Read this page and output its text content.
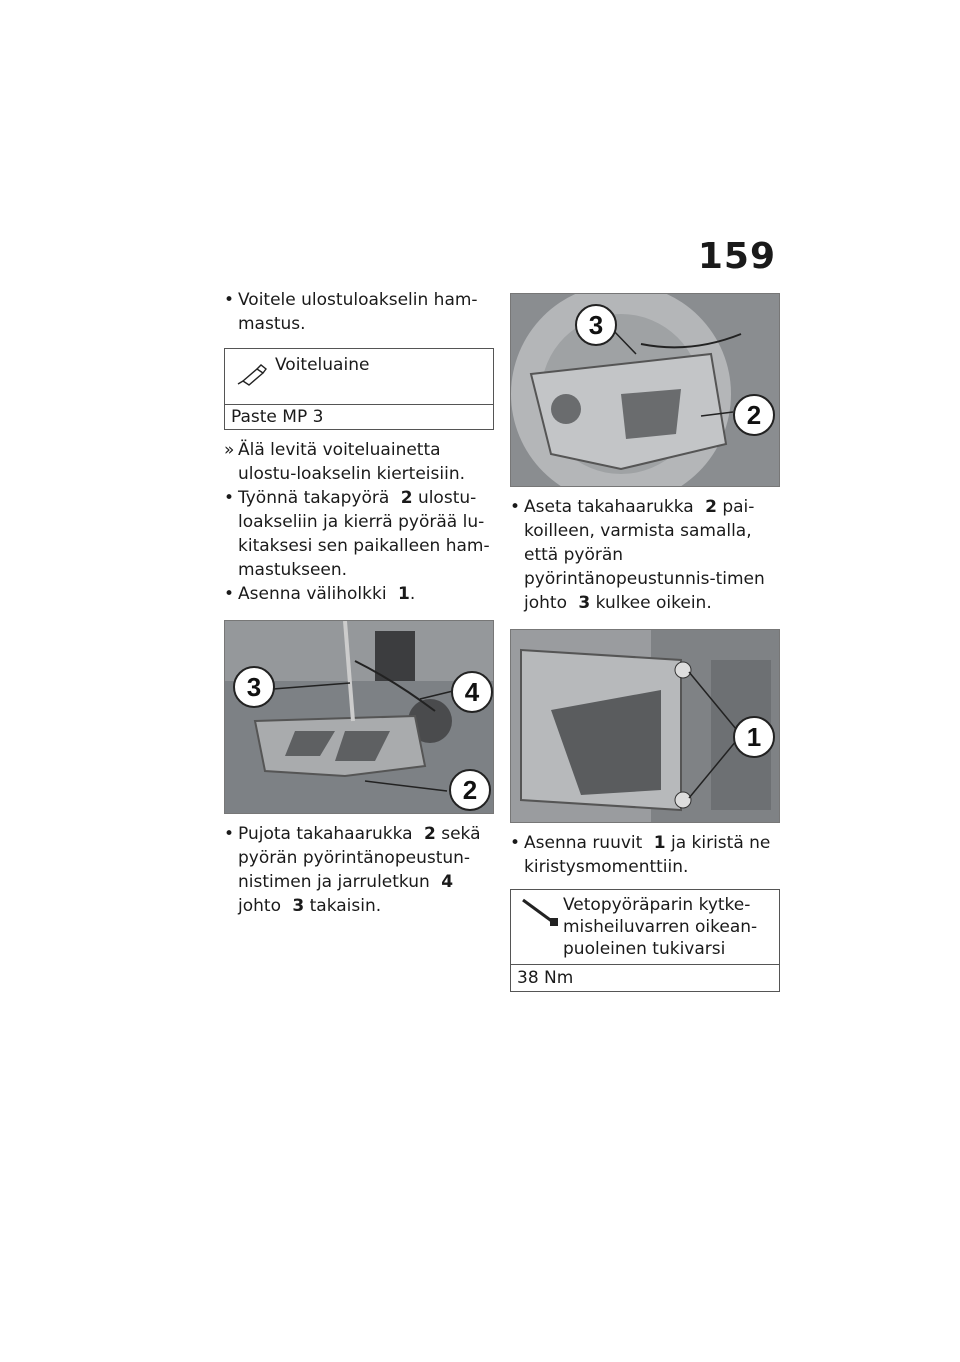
159

• Voitele ulostuloakselin ham-mastus.

Voiteluaine
Paste MP 3

» Älä levitä voiteluainetta ulostu-loakselin kierteisiin.

• Työnnä takapyörä 2 ulostu-loakseliin ja kierrä pyörää lu-kitaksesi sen paikalleen ham-mastukseen.

• Asenna väliholkki 1.

3	4
2

• Pujota takahaarukka 2 sekä pyörän pyörintänopeustun-nistimen ja jarruletkun 4 johto 3 takaisin.

3
2

• Aseta takahaarukka 2 pai-koilleen, varmista samalla, että pyörän pyörintänopeustunnis-timen johto 3 kulkee oikein.

1

• Asenna ruuvit 1 ja kiristä ne kiristysmomenttiin.

Vetopyöräparin kytke-misheiluvarren oikean-puoleinen tukivarsi
38 Nm
